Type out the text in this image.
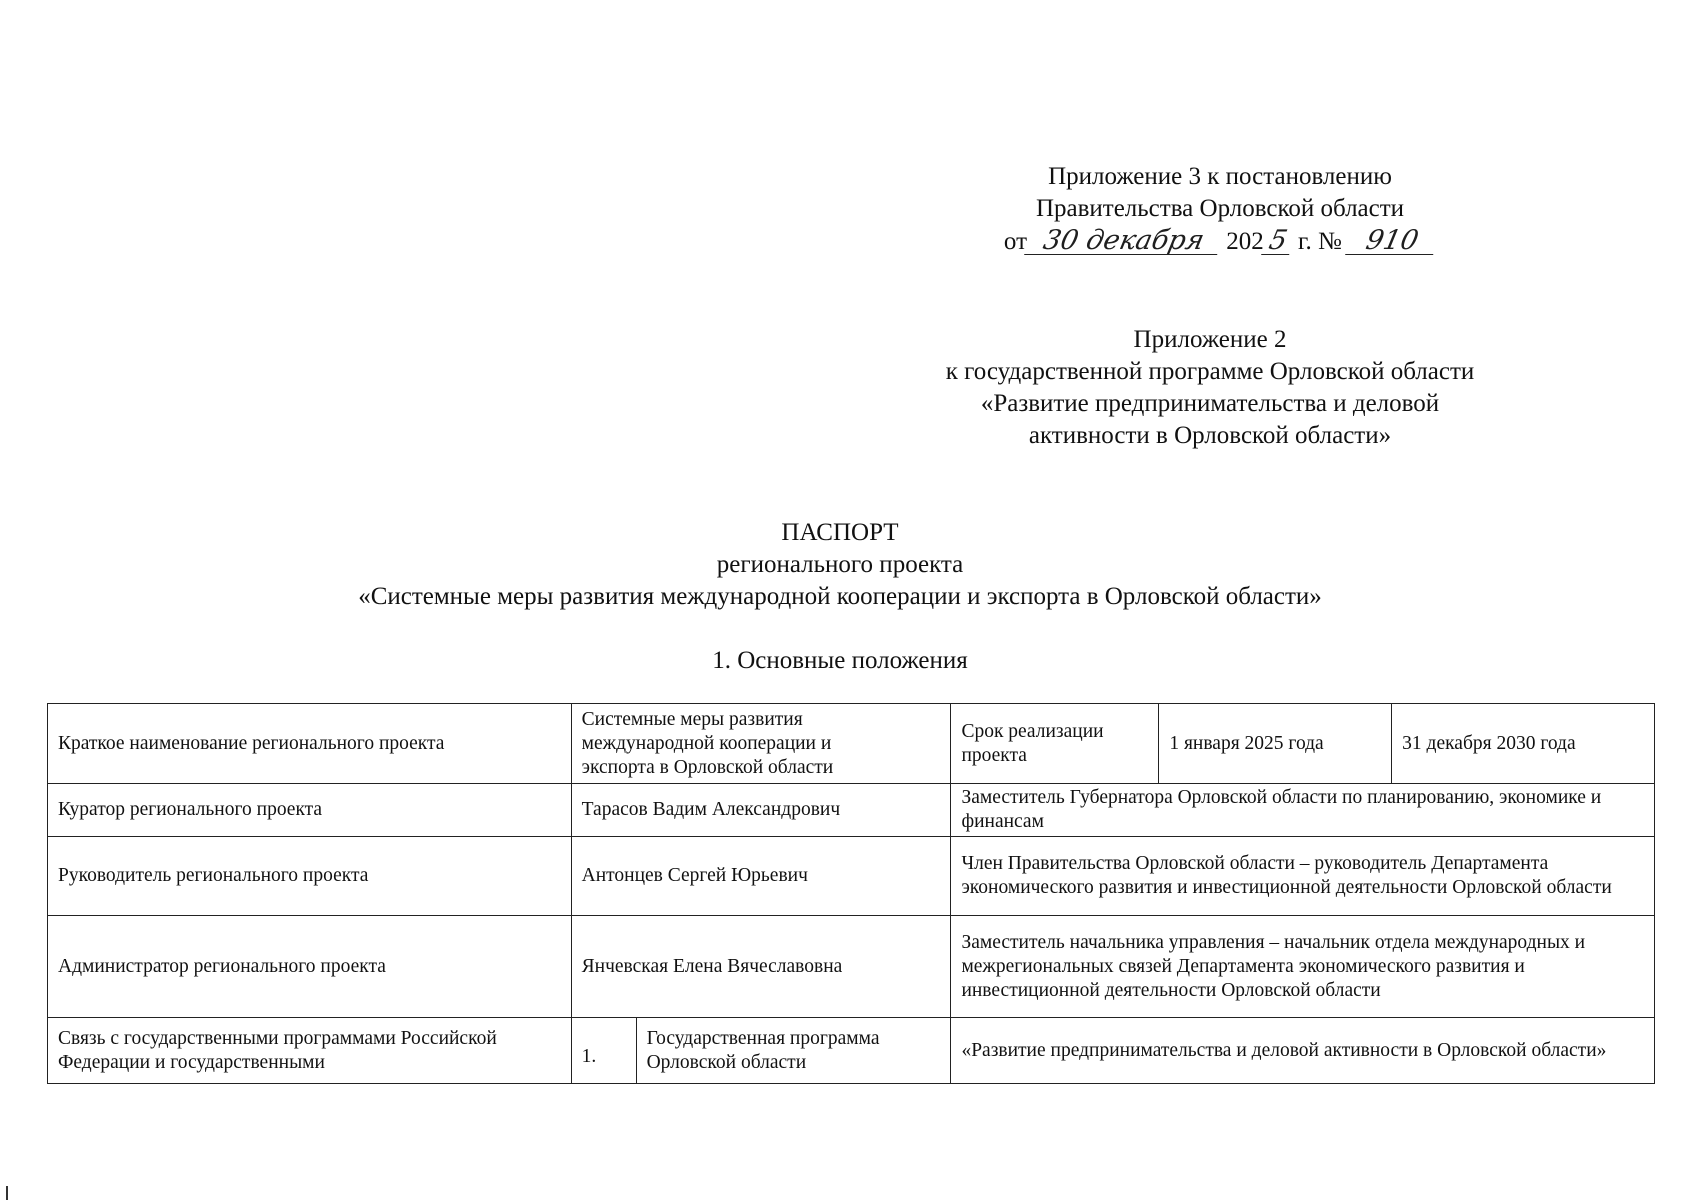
Приложение 3 к постановлению
Правительства Орловской области
от 30 декабря 2025 г. № 910
Приложение 2
к государственной программе Орловской области
«Развитие предпринимательства и деловой
активности в Орловской области»
ПАСПОРТ
регионального проекта
«Системные меры развития международной кооперации и экспорта в Орловской области»
1. Основные положения
Краткое наименование регионального проекта	Системные меры развития международной кооперации и экспорта в Орловской области		Срок реализации проекта	1 января 2025 года	31 декабря 2030 года
Куратор регионального проекта	Тарасов Вадим Александрович		Заместитель Губернатора Орловской области по планированию, экономике и финансам		
Руководитель регионального проекта	Антонцев Сергей Юрьевич		Член Правительства Орловской области – руководитель Департамента экономического развития и инвестиционной деятельности Орловской области		
Администратор регионального проекта	Янчевская Елена Вячеславовна		Заместитель начальника управления – начальник отдела международных и межрегиональных связей Департамента экономического развития и инвестиционной деятельности Орловской области		
Связь с государственными программами Российской Федерации и государственными	1.	Государственная программа Орловской области	«Развитие предпринимательства и деловой активности в Орловской области»		
